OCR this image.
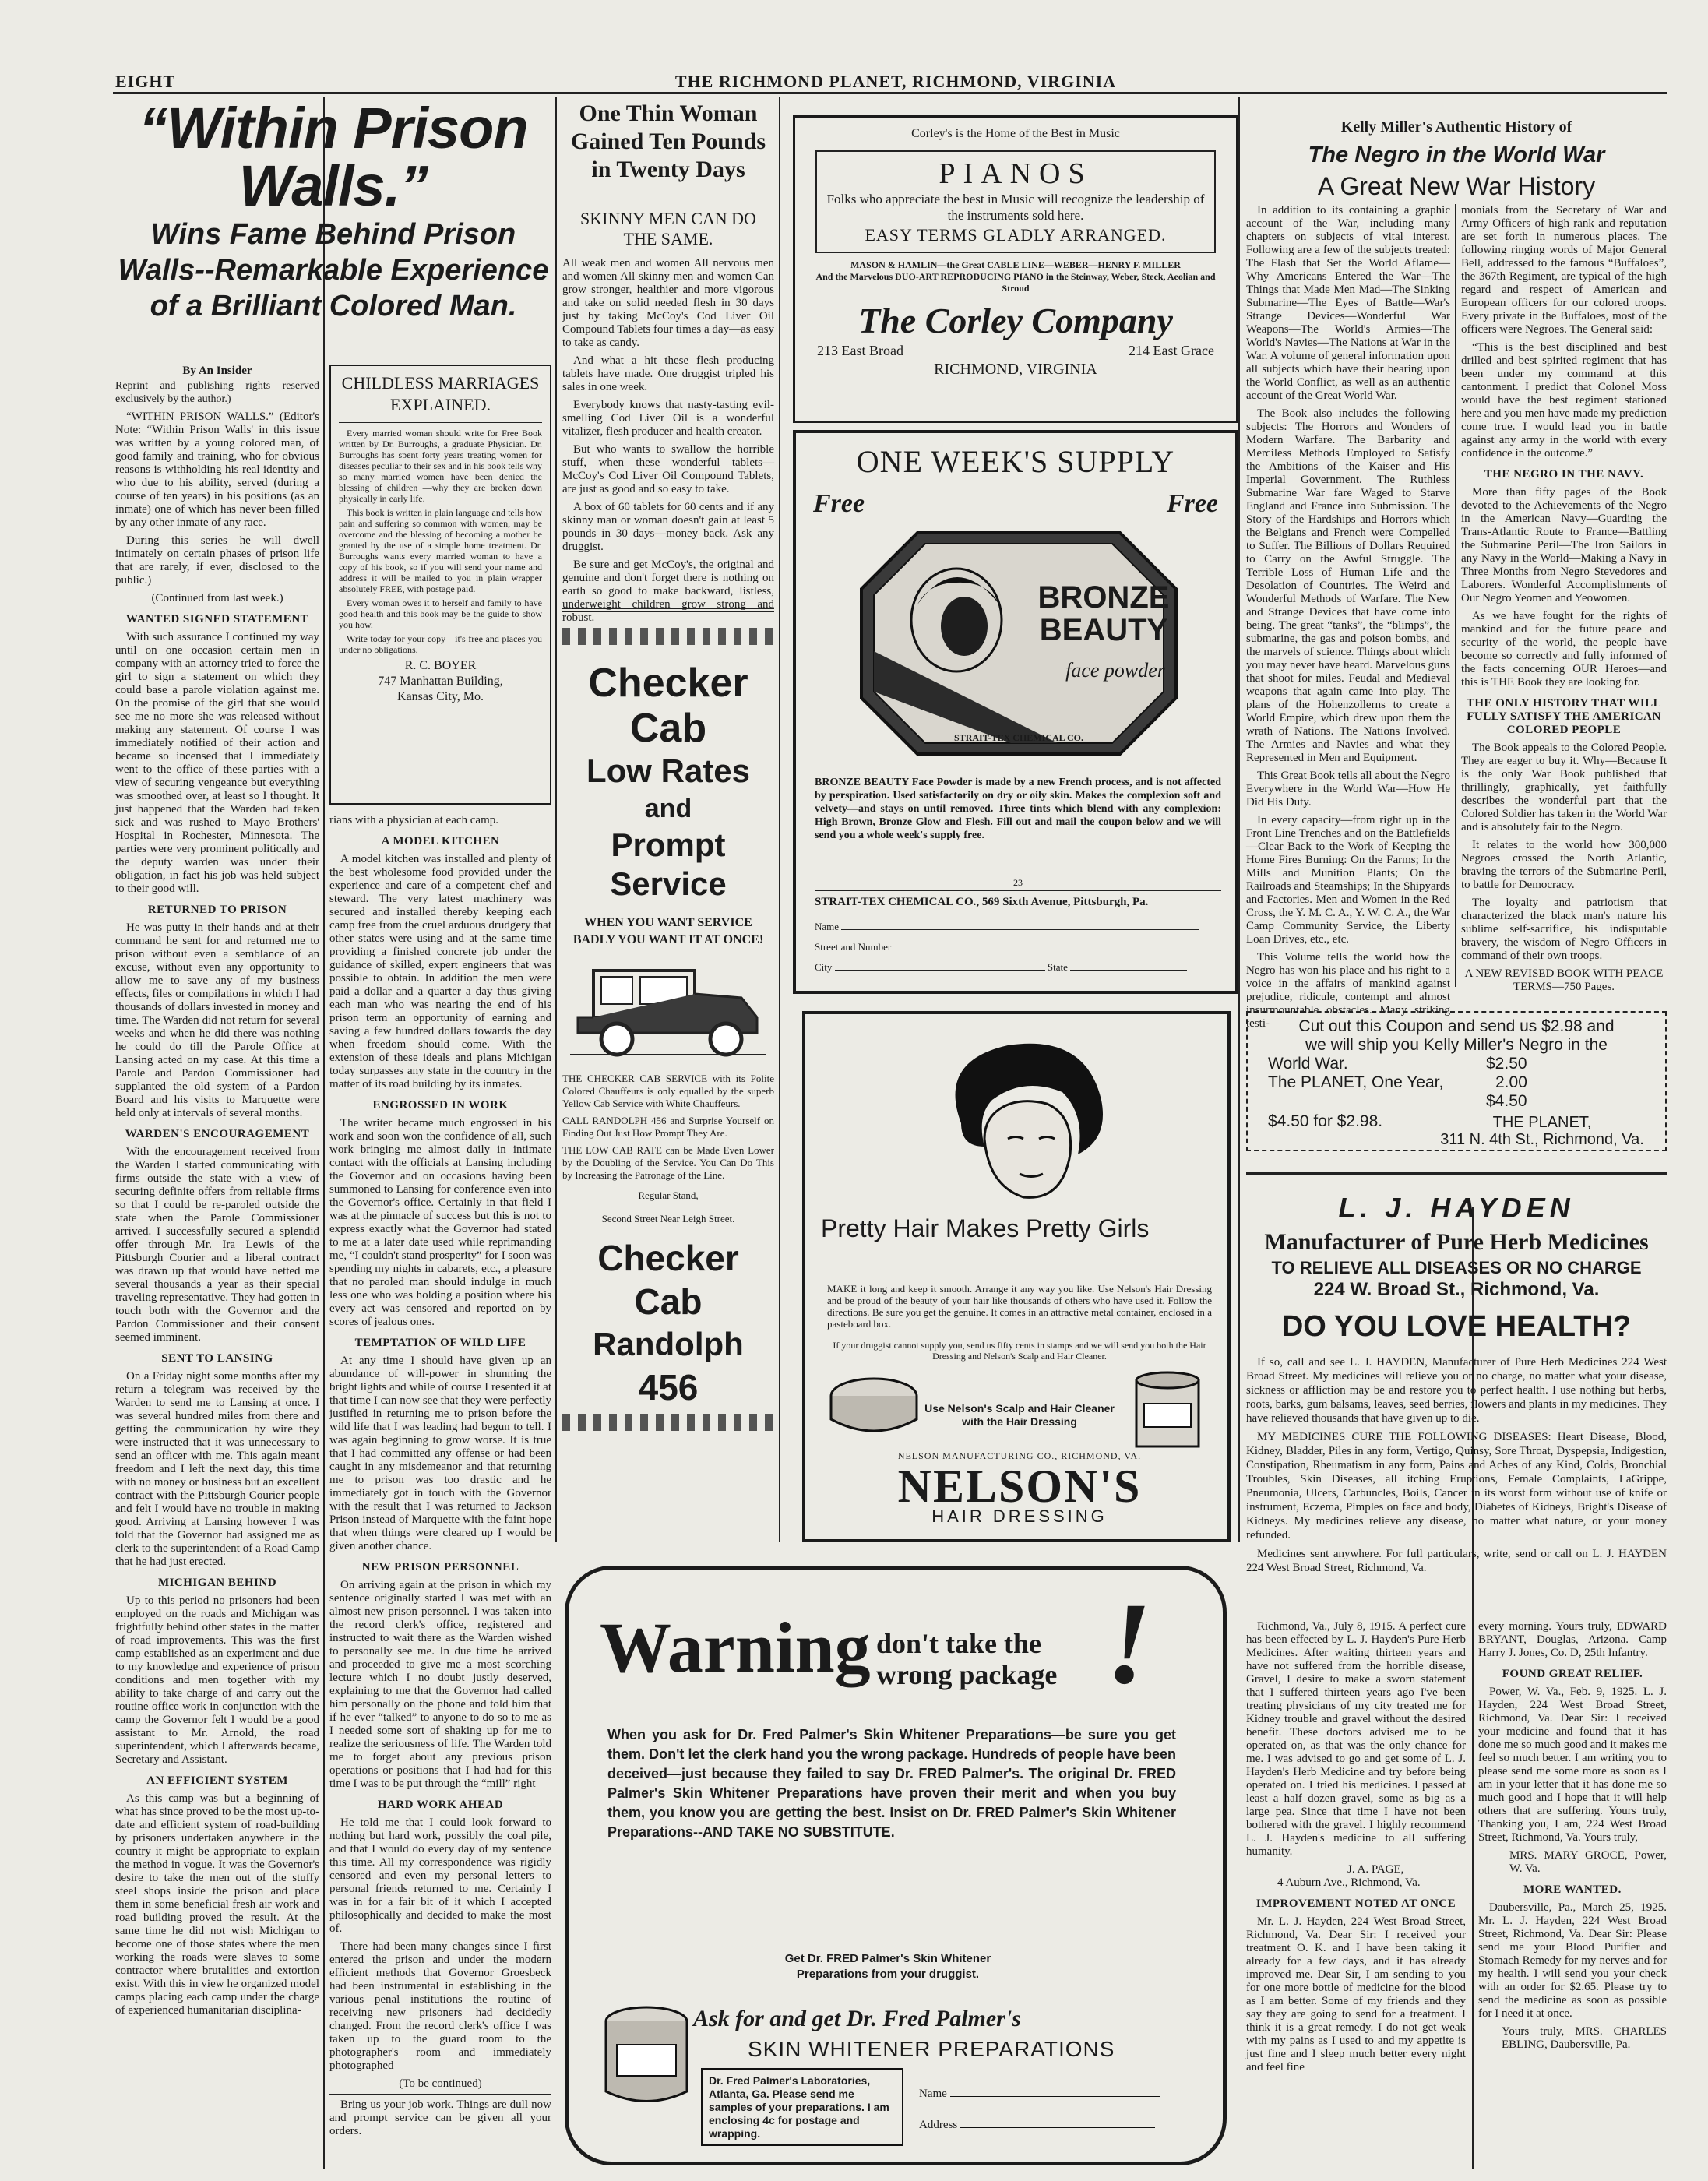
EIGHT	THE RICHMOND PLANET, RICHMOND, VIRGINIA
“Within Prison Walls.”
Wins Fame Behind Prison Walls--Remarkable Experience of a Brilliant Colored Man.
By An Insider

Reprint and publishing rights reserved exclusively by the author.)

“WITHIN PRISON WALLS.” (Editor's Note: “Within Prison Walls' in this issue was written by a young colored man, of good family and training, who for obvious reasons is withholding his real identity and who due to his ability, served (during a course of ten years) in his positions (as an inmate) one of which has never been filled by any other inmate of any race.

During this series he will dwell intimately on certain phases of prison life that are rarely, if ever, disclosed to the public.)

(Continued from last week.)
WANTED SIGNED STATEMENT

With such assurance I continued my way until on one occasion certain men in company with an attorney tried to force the girl to sign a statement on which they could base a parole violation against me. On the promise of the girl that she would see me no more she was released without making any statement. Of course I was immediately notified of their action and became so incensed that I immediately went to the office of these parties with a view of securing vengeance but everything was smoothed over, at least so I thought. It just happened that the Warden had taken sick and was rushed to Mayo Brothers' Hospital in Rochester, Minnesota. The parties were very prominent politically and the deputy warden was under their obligation, in fact his job was held subject to their good will.

RETURNED TO PRISON

He was putty in their hands and at their command he sent for and returned me to prison without even a semblance of an excuse, without even any opportunity to allow me to save any of my business effects, files or compilations in which I had thousands of dollars invested in money and time. The Warden did not return for several weeks and when he did there was nothing he could do till the Parole Office at Lansing acted on my case. At this time a Parole and Pardon Commissioner had supplanted the old system of a Pardon Board and his visits to Marquette were held only at intervals of several months.

WARDEN'S ENCOURAGEMENT

With the encouragement received from the Warden I started communicating with firms outside the state with a view of securing definite offers from reliable firms so that I could be re-paroled outside the state when the Parole Commissioner arrived. I successfully secured a splendid offer through Mr. Ira Lewis of the Pittsburgh Courier and a liberal contract was drawn up that would have netted me several thousands a year as their special traveling representative. They had gotten in touch both with the Governor and the Pardon Commissioner and their consent seemed imminent.

SENT TO LANSING

On a Friday night some months after my return a telegram was received by the Warden to send me to Lansing at once. I was several hundred miles from there and getting the communication by wire they were instructed that it was unnecessary to send an officer with me. This again meant freedom and I left the next day, this time with no money or business but an excellent contract with the Pittsburgh Courier people and felt I would have no trouble in making good. Arriving at Lansing however I was told that the Governor had assigned me as clerk to the superintendent of a Road Camp that he had just erected.

MICHIGAN BEHIND

Up to this period no prisoners had been employed on the roads and Michigan was frightfully behind other states in the matter of road improvements. This was the first camp established as an experiment and due to my knowledge and experience of prison conditions and men together with my ability to take charge of and carry out the routine office work in conjunction with the camp the Governor felt I would be a good assistant to Mr. Arnold, the road superintendent, which I afterwards became, Secretary and Assistant.

AN EFFICIENT SYSTEM

As this camp was but a beginning of what has since proved to be the most up-to-date and efficient system of road-building by prisoners undertaken anywhere in the country it might be appropriate to explain the method in vogue. It was the Governor's desire to take the men out of the stuffy steel shops inside the prison and place them in some beneficial fresh air work and road building proved the result. At the same time he did not wish Michigan to become one of those states where the men working the roads were slaves to some contractor where brutalities and extortion exist. With this in view he organized model camps placing each camp under the charge of experienced humanitarian disciplina-

CHILDLESS MARRIAGES EXPLAINED.

Every married woman should write for Free Book written by Dr. Burroughs, a graduate Physician. Dr. Burroughs has spent forty years treating women for diseases peculiar to their sex and in his book tells why so many married women have been denied the blessing of children —why they are broken down physically in early life.

This book is written in plain language and tells how pain and suffering so common with women, may be overcome and the blessing of becoming a mother be granted by the use of a simple home treatment. Dr. Burroughs wants every married woman to have a copy of his book, so if you will send your name and address it will be mailed to you in plain wrapper absolutely FREE, with postage paid.

Every woman owes it to herself and family to have good health and this book may be the guide to show you how.

Write today for your copy—it's free and places you under no obligations.

R. C. BOYER
747 Manhattan Building,
Kansas City, Mo.

rians with a physician at each camp.

A MODEL KITCHEN

A model kitchen was installed and plenty of the best wholesome food provided under the experience and care of a competent chef and steward. The very latest machinery was secured and installed thereby keeping each camp free from the cruel arduous drudgery that other states were using and at the same time providing a finished concrete job under the guidance of skilled, expert engineers that was possible to obtain. In addition the men were paid a dollar and a quarter a day thus giving each man who was nearing the end of his prison term an opportunity of earning and saving a few hundred dollars towards the day when freedom should come. With the extension of these ideals and plans Michigan today surpasses any state in the country in the matter of its road building by its inmates.

ENGROSSED IN WORK

The writer became much engrossed in his work and soon won the confidence of all, such work bringing me almost daily in intimate contact with the officials at Lansing including the Governor and on occasions having been summoned to Lansing for conference even into the Governor's office. Certainly in that field I was at the pinnacle of success but this is not to express exactly what the Governor had stated to me at a later date used while reprimanding me, “I couldn't stand prosperity” for I soon was spending my nights in cabarets, etc., a pleasure that no paroled man should indulge in much less one who was holding a position where his every act was censored and reported on by scores of jealous ones.

TEMPTATION OF WILD LIFE

At any time I should have given up an abundance of will-power in shunning the bright lights and while of course I resented it at that time I can now see that they were perfectly justified in returning me to prison before the wild life that I was leading had begun to tell. I was again beginning to grow worse. It is true that I had committed any offense or had been caught in any misdemeanor and that returning me to prison was too drastic and he immediately got in touch with the Governor with the result that I was returned to Jackson Prison instead of Marquette with the faint hope that when things were cleared up I would be given another chance.

NEW PRISON PERSONNEL

On arriving again at the prison in which my sentence originally started I was met with an almost new prison personnel. I was taken into the record clerk's office, registered and instructed to wait there as the Warden wished to personally see me. In due time he arrived and proceeded to give me a most scorching lecture which I no doubt justly deserved, explaining to me that the Governor had called him personally on the phone and told him that if he ever “talked” to anyone to do so to me as I needed some sort of shaking up for me to realize the seriousness of life. The Warden told me to forget about any previous prison operations or positions that I had had for this time I was to be put through the “mill” right

HARD WORK AHEAD

He told me that I could look forward to nothing but hard work, possibly the coal pile, and that I would do every day of my sentence this time. All my correspondence was rigidly censored and even my personal letters to personal friends returned to me. Certainly I was in for a fair bit of it which I accepted philosophically and decided to make the most of.

There had been many changes since I first entered the prison and under the modern efficient methods that Governor Groesbeck had been instrumental in establishing in the various penal institutions the routine of receiving new prisoners had decidedly changed. From the record clerk's office I was taken up to the guard room to the photographer's room and immediately photographed

(To be continued)

Bring us your job work. Things are dull now and prompt service can be given all your orders.

One Thin Woman Gained Ten Pounds in Twenty Days
SKINNY MEN CAN DO THE SAME.

All weak men and women All nervous men and women All skinny men and women Can grow stronger, healthier and more vigorous and take on solid needed flesh in 30 days just by taking McCoy's Cod Liver Oil Compound Tablets four times a day—as easy to take as candy.

And what a hit these flesh producing tablets have made. One druggist tripled his sales in one week.

Everybody knows that nasty-tasting evil-smelling Cod Liver Oil is a wonderful vitalizer, flesh producer and health creator.

But who wants to swallow the horrible stuff, when these wonderful tablets—McCoy's Cod Liver Oil Compound Tablets, are just as good and so easy to take.

A box of 60 tablets for 60 cents and if any skinny man or woman doesn't gain at least 5 pounds in 30 days—money back. Ask any druggist.

Be sure and get McCoy's, the original and genuine and don't forget there is nothing on earth so good to make backward, listless, underweight children grow strong and robust.

Checker Cab
Low Rates
and
Prompt Service
WHEN YOU WANT SERVICE BADLY YOU WANT IT AT ONCE!

THE CHECKER CAB SERVICE with its Polite Colored Chauffeurs is only equalled by the superb Yellow Cab Service with White Chauffeurs.

CALL RANDOLPH 456 and Surprise Yourself on Finding Out Just How Prompt They Are.

THE LOW CAB RATE can be Made Even Lower by the Doubling of the Service. You Can Do This by Increasing the Patronage of the Line.

Regular Stand,
Second Street Near Leigh Street.
Checker
Cab
Randolph
456
Corley's is the Home of the Best in Music
PIANOS
Folks who appreciate the best in Music will recognize the leadership of the instruments sold here.
EASY TERMS GLADLY ARRANGED.
MASON & HAMLIN—the Great CABLE LINE—WEBER—HENRY F. MILLER
And the Marvelous DUO-ART REPRODUCING PIANO in the Steinway, Weber, Steck, Aeolian and Stroud
The Corley Company
213 East Broad	214 East Grace
RICHMOND, VIRGINIA
ONE WEEK'S SUPPLY
Free	Free
BRONZE
BEAUTY
face powder
STRAIT-TEX CHEMICAL CO.
BRONZE BEAUTY Face Powder is made by a new French process, and is not affected by perspiration. Used satisfactorily on dry or oily skin. Makes the complexion soft and velvety—and stays on until removed. Three tints which blend with any complexion: High Brown, Bronze Glow and Flesh. Fill out and mail the coupon below and we will send you a whole week's supply free.
23
STRAIT-TEX CHEMICAL CO., 569 Sixth Avenue, Pittsburgh, Pa.
Name
Street and Number
City	State
Pretty Hair Makes Pretty Girls
MAKE it long and keep it smooth. Arrange it any way you like. Use Nelson's Hair Dressing and be proud of the beauty of your hair like thousands of others who have used it. Follow the directions. Be sure you get the genuine. It comes in an attractive metal container, enclosed in a pasteboard box.
If your druggist cannot supply you, send us fifty cents in stamps and we will send you both the Hair Dressing and Nelson's Scalp and Hair Cleaner.
Use Nelson's Scalp and Hair Cleaner with the Hair Dressing
NELSON MANUFACTURING CO., RICHMOND, VA.
NELSON'S
HAIR DRESSING
Kelly Miller's Authentic History of
The Negro in the World War
A Great New War History

In addition to its containing a graphic account of the War, including many chapters on subjects of vital interest. Following are a few of the subjects treated: The Flash that Set the World Aflame—Why Americans Entered the War—The Things that Made Men Mad—The Sinking Submarine—The Eyes of Battle—War's Strange Devices—Wonderful War Weapons—The World's Armies—The World's Navies—The Nations at War in the War. A volume of general information upon all subjects which have their bearing upon the World Conflict, as well as an authentic account of the Great World War.

The Book also includes the following subjects: The Horrors and Wonders of Modern Warfare. The Barbarity and Merciless Methods Employed to Satisfy the Ambitions of the Kaiser and His Imperial Government. The Ruthless Submarine War fare Waged to Starve England and France into Submission. The Story of the Hardships and Horrors which the Belgians and French were Compelled to Suffer. The Billions of Dollars Required to Carry on the Awful Struggle. The Terrible Loss of Human Life and the Desolation of Countries. The Weird and Wonderful Methods of Warfare. The New and Strange Devices that have come into being. The great “tanks”, the “blimps”, the submarine, the gas and poison bombs, and the marvels of science. Things about which you may never have heard. Marvelous guns that shoot for miles. Feudal and Medieval weapons that again came into play. The plans of the Hohenzollerns to create a World Empire, which drew upon them the wrath of Nations. The Nations Involved. The Armies and Navies and what they Represented in Men and Equipment.

This Great Book tells all about the Negro Everywhere in the World War—How He Did His Duty.

In every capacity—from right up in the Front Line Trenches and on the Battlefields—Clear Back to the Work of Keeping the Home Fires Burning: On the Farms; In the Mills and Munition Plants; On the Railroads and Steamships; In the Shipyards and Factories. Men and Women in the Red Cross, the Y. M. C. A., Y. W. C. A., the War Camp Community Service, the Liberty Loan Drives, etc., etc.

This Volume tells the world how the Negro has won his place and his right to a voice in the affairs of mankind against prejudice, ridicule, contempt and almost insurmountable obstacles. Many striking testi-

monials from the Secretary of War and Army Officers of high rank and reputation are set forth in numerous places. The following ringing words of Major General Bell, addressed to the famous “Buffaloes”, the 367th Regiment, are typical of the high regard and respect of American and European officers for our colored troops. Every private in the Buffaloes, most of the officers were Negroes. The General said:

“This is the best disciplined and best drilled and best spirited regiment that has been under my command at this cantonment. I predict that Colonel Moss would have the best regiment stationed here and you men have made my prediction come true. I would lead you in battle against any army in the world with every confidence in the outcome.”

THE NEGRO IN THE NAVY.

More than fifty pages of the Book devoted to the Achievements of the Negro in the American Navy—Guarding the Trans-Atlantic Route to France—Battling the Submarine Peril—The Iron Sailors in any Navy in the World—Making a Navy in Three Months from Negro Stevedores and Laborers. Wonderful Accomplishments of Our Negro Yeomen and Yeowomen.

As we have fought for the rights of mankind and for the future peace and security of the world, the people have become so correctly and fully informed of the facts concerning OUR Heroes—and this is THE Book they are looking for.

THE ONLY HISTORY THAT WILL FULLY SATISFY THE AMERICAN COLORED PEOPLE

The Book appeals to the Colored People. They are eager to buy it. Why—Because It is the only War Book published that thrillingly, graphically, yet faithfully describes the wonderful part that the Colored Soldier has taken in the World War and is absolutely fair to the Negro.

It relates to the world how 300,000 Negroes crossed the North Atlantic, braving the terrors of the Submarine Peril, to battle for Democracy.

The loyalty and patriotism that characterized the black man's nature his sublime self-sacrifice, his indisputable bravery, the wisdom of Negro Officers in command of their own troops.

A NEW REVISED BOOK WITH PEACE TERMS—750 Pages.

Cut out this Coupon and send us $2.98 and
we will ship you Kelly Miller's Negro in the
World War.	$2.50
The PLANET, One Year,	2.00
$4.50
$4.50 for $2.98.	THE PLANET,
311 N. 4th St., Richmond, Va.
L. J. HAYDEN
Manufacturer of Pure Herb Medicines
TO RELIEVE ALL DISEASES OR NO CHARGE
224 W. Broad St., Richmond, Va.
DO YOU LOVE HEALTH?

If so, call and see L. J. HAYDEN, Manufacturer of Pure Herb Medicines 224 West Broad Street. My medicines will relieve you or no charge, no matter what your disease, sickness or affliction may be and restore you to perfect health. I use nothing but herbs, roots, barks, gum balsams, leaves, seed berries, flowers and plants in my medicines. They have relieved thousands that have given up to die.

MY MEDICINES CURE THE FOLLOWING DISEASES: Heart Disease, Blood, Kidney, Bladder, Piles in any form, Vertigo, Quinsy, Sore Throat, Dyspepsia, Indigestion, Constipation, Rheumatism in any form, Pains and Aches of any Kind, Colds, Bronchial Troubles, Skin Diseases, all itching Eruptions, Female Complaints, LaGrippe, Pneumonia, Ulcers, Carbuncles, Boils, Cancer in its worst form without use of knife or instrument, Eczema, Pimples on face and body, Diabetes of Kidneys, Bright's Disease of Kidneys. My medicines relieve any disease, no matter what nature, or your money refunded.

Medicines sent anywhere. For full particulars, write, send or call on L. J. HAYDEN 224 West Broad Street, Richmond, Va.

Richmond, Va., July 8, 1915. A perfect cure has been effected by L. J. Hayden's Pure Herb Medicines. After waiting thirteen years and have not suffered from the horrible disease, Gravel, I desire to make a sworn statement that I suffered thirteen years ago I've been treating physicians of my city treated me for Kidney trouble and gravel without the desired benefit. These doctors advised me to be operated on, as that was the only chance for me. I was advised to go and get some of L. J. Hayden's Herb Medicine and try before being operated on. I tried his medicines. I passed at least a half dozen gravel, some as big as a large pea. Since that time I have not been bothered with the gravel. I highly recommend L. J. Hayden's medicine to all suffering humanity.

J. A. PAGE,
4 Auburn Ave., Richmond, Va.
IMPROVEMENT NOTED AT ONCE

Mr. L. J. Hayden, 224 West Broad Street, Richmond, Va. Dear Sir: I received your treatment O. K. and I have been taking it already for a few days, and it has already improved me. Dear Sir, I am sending to you for one more bottle of medicine for the blood as I am better. Some of my friends and they say they are going to send for a treatment. I think it is a great remedy. I do not get weak with my pains as I used to and my appetite is just fine and I sleep much better every night and feel fine

every morning. Yours truly, EDWARD BRYANT, Douglas, Arizona. Camp Harry J. Jones, Co. D, 25th Infantry.

FOUND GREAT RELIEF.

Power, W. Va., Feb. 9, 1925. L. J. Hayden, 224 West Broad Street, Richmond, Va. Dear Sir: I received your medicine and found that it has done me so much good and it makes me feel so much better. I am writing you to please send me some more as soon as I am in your letter that it has done me so much good and I hope that it will help others that are suffering. Yours truly, Thanking you, I am, 224 West Broad Street, Richmond, Va. Yours truly,

MRS. MARY GROCE, Power, W. Va.
MORE WANTED.

Daubersville, Pa., March 25, 1925. Mr. L. J. Hayden, 224 West Broad Street, Richmond, Va. Dear Sir: Please send me your Blood Purifier and Stomach Remedy for my nerves and for my health. I will send you your check with an order for $2.65. Please try to send the medicine as soon as possible for I need it at once.

Yours truly, MRS. CHARLES EBLING, Daubersville, Pa.
Warning don't take the
wrong package !
When you ask for Dr. Fred Palmer's Skin Whitener Preparations—be sure you get them. Don't let the clerk hand you the wrong package. Hundreds of people have been deceived—just because they failed to say Dr. FRED Palmer's. The original Dr. FRED Palmer's Skin Whitener Preparations have proven their merit and when you buy them, you know you are getting the best. Insist on Dr. FRED Palmer's Skin Whitener Preparations--AND TAKE NO SUBSTITUTE.
Get Dr. FRED Palmer's Skin Whitener Preparations from your druggist.
Ask for and get Dr. Fred Palmer's
SKIN WHITENER PREPARATIONS
Dr. Fred Palmer's Laboratories, Atlanta, Ga. Please send me samples of your preparations. I am enclosing 4c for postage and wrapping.
Name
Address
